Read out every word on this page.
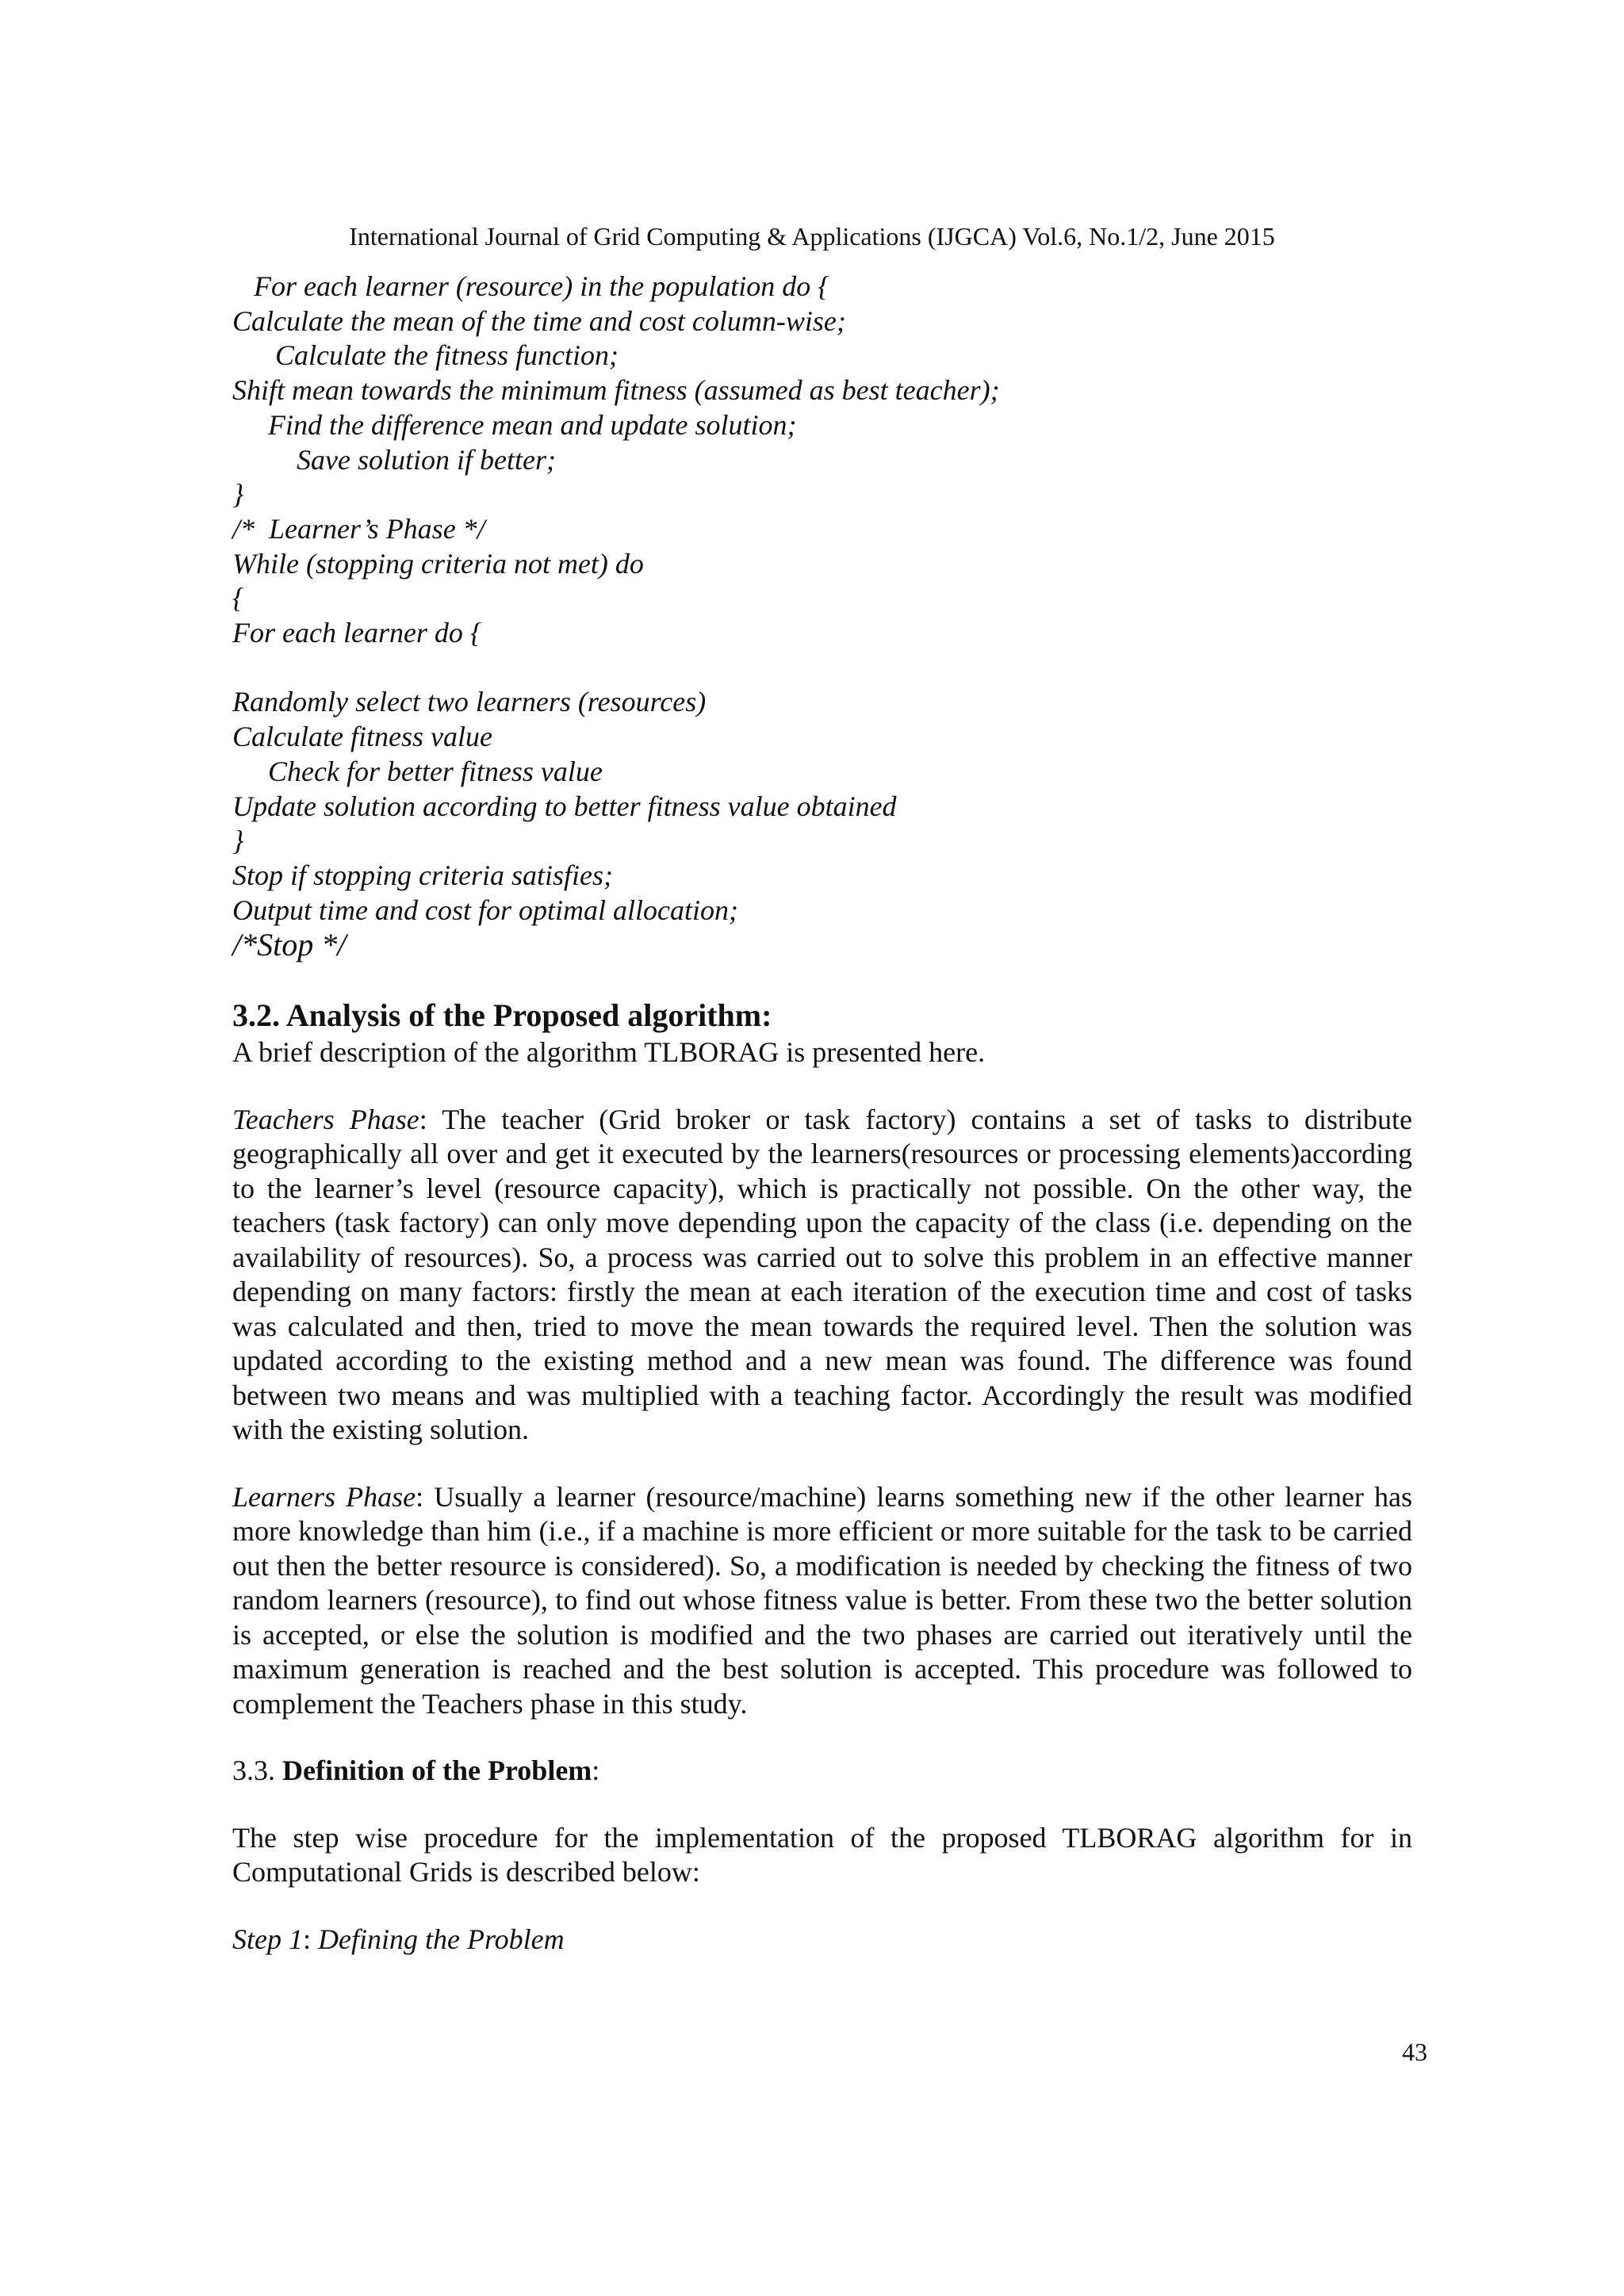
International Journal of Grid Computing & Applications (IJGCA) Vol.6, No.1/2, June 2015
For each learner (resource) in the population do {
Calculate the mean of the time and cost column-wise;
Calculate the fitness function;
Shift mean towards the minimum fitness (assumed as best teacher);
Find the difference mean and update solution;
Save solution if better;
}
/*  Learner’s Phase */
While (stopping criteria not met) do
{
For each learner do {
Randomly select two learners (resources)
Calculate fitness value
Check for better fitness value
Update solution according to better fitness value obtained
}
Stop if stopping criteria satisfies;
Output time and cost for optimal allocation;
/*Stop */

3.2. Analysis of the Proposed algorithm:

A brief description of the algorithm TLBORAG is presented here.

Teachers Phase: The teacher (Grid broker or task factory) contains a set of tasks to distribute geographically all over and get it executed by the learners(resources or processing elements)according to the learner’s level (resource capacity), which is practically not possible. On the other way, the teachers (task factory) can only move depending upon the capacity of the class (i.e. depending on the availability of resources). So, a process was carried out to solve this problem in an effective manner depending on many factors: firstly the mean at each iteration of the execution time and cost of tasks was calculated and then, tried to move the mean towards the required level. Then the solution was updated according to the existing method and a new mean was found. The difference was found between two means and was multiplied with a teaching factor. Accordingly the result was modified with the existing solution.

Learners Phase: Usually a learner (resource/machine) learns something new if the other learner has more knowledge than him (i.e., if a machine is more efficient or more suitable for the task to be carried out then the better resource is considered). So, a modification is needed by checking the fitness of two random learners (resource), to find out whose fitness value is better. From these two the better solution is accepted, or else the solution is modified and the two phases are carried out iteratively until the maximum generation is reached and the best solution is accepted. This procedure was followed to complement the Teachers phase in this study.

3.3. Definition of the Problem:

The step wise procedure for the implementation of the proposed TLBORAG algorithm for in Computational Grids is described below:

Step 1: Defining the Problem

43
